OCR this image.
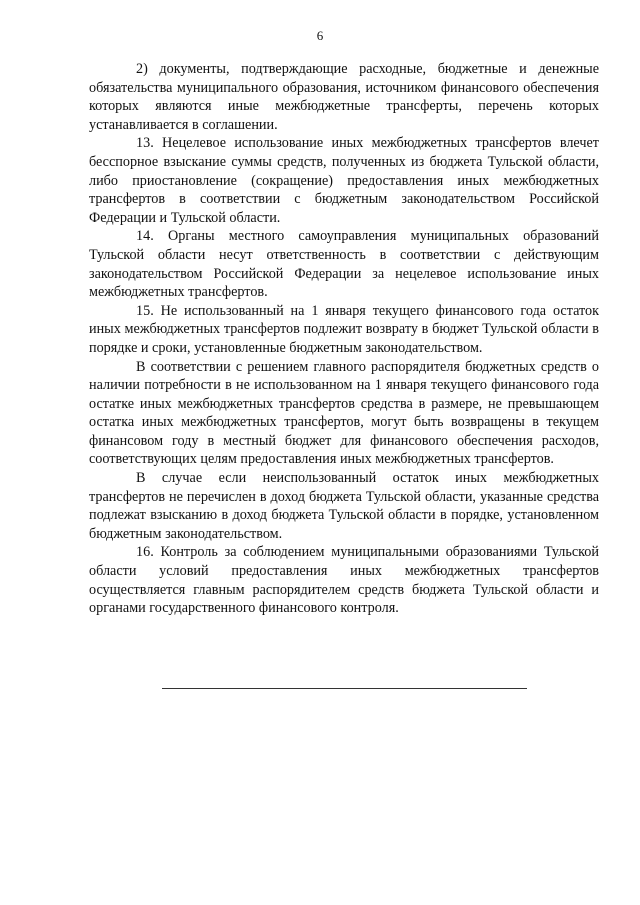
6

2) документы, подтверждающие расходные, бюджетные и денежные обязательства муниципального образования, источником финансового обеспечения которых являются иные межбюджетные трансферты, перечень которых устанавливается в соглашении.

13. Нецелевое использование иных межбюджетных трансфертов влечет бесспорное взыскание суммы средств, полученных из бюджета Тульской области, либо приостановление (сокращение) предоставления иных межбюджетных трансфертов в соответствии с бюджетным законодательством Российской Федерации и Тульской области.

14. Органы местного самоуправления муниципальных образований Тульской области несут ответственность в соответствии с действующим законодательством Российской Федерации за нецелевое использование иных межбюджетных трансфертов.

15. Не использованный на 1 января текущего финансового года остаток иных межбюджетных трансфертов подлежит возврату в бюджет Тульской области в порядке и сроки, установленные бюджетным законодательством.

В соответствии с решением главного распорядителя бюджетных средств о наличии потребности в не использованном на 1 января текущего финансового года остатке иных межбюджетных трансфертов средства в размере, не превышающем остатка иных межбюджетных трансфертов, могут быть возвращены в текущем финансовом году в местный бюджет для финансового обеспечения расходов, соответствующих целям предоставления иных межбюджетных трансфертов.

В случае если неиспользованный остаток иных межбюджетных трансфертов не перечислен в доход бюджета Тульской области, указанные средства подлежат взысканию в доход бюджета Тульской области в порядке, установленном бюджетным законодательством.

16. Контроль за соблюдением муниципальными образованиями Тульской области условий предоставления иных межбюджетных трансфертов осуществляется главным распорядителем средств бюджета Тульской области и органами государственного финансового контроля.
